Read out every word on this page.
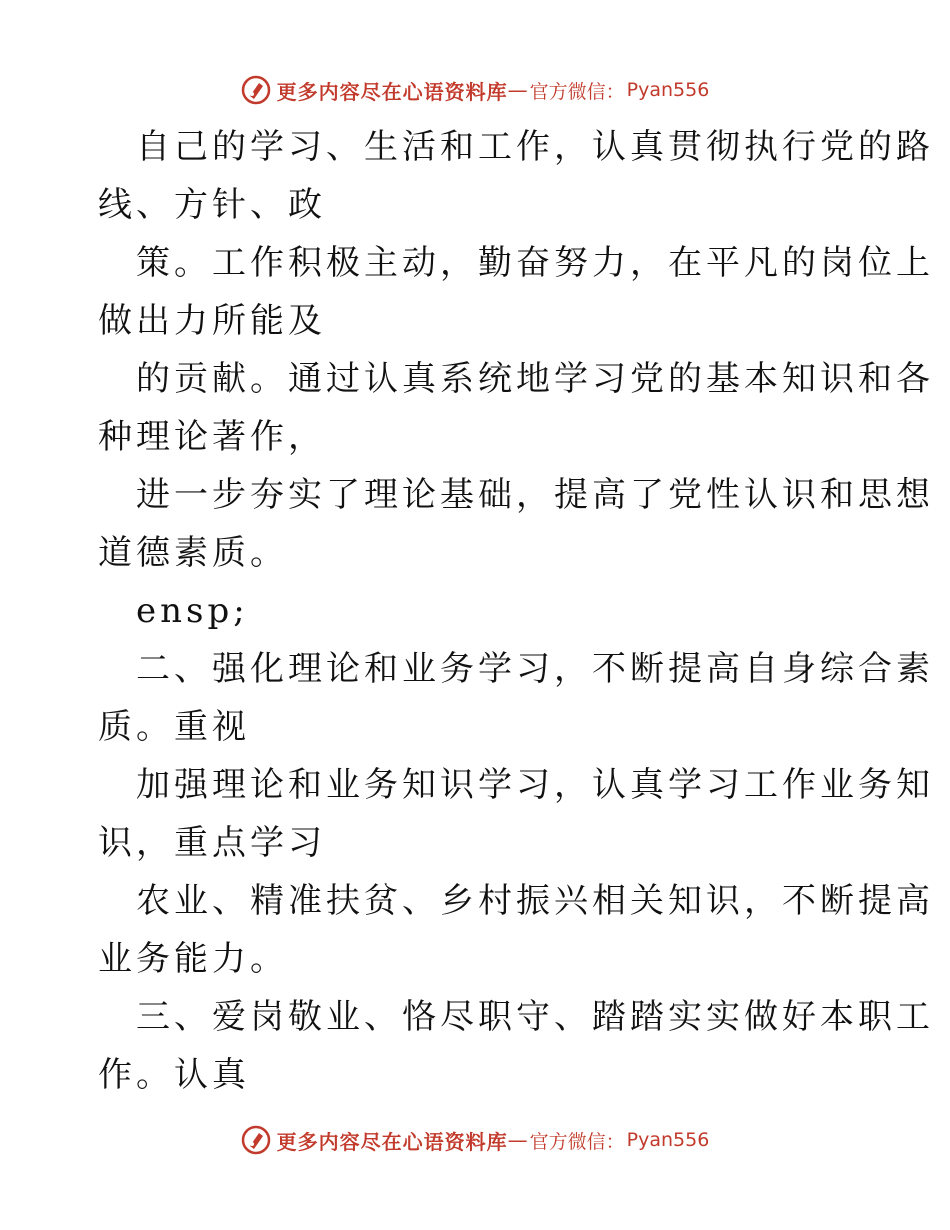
更多内容尽在心语资料库 — 官方微信： Pyan556
自己的学习、生活和工作，认真贯彻执行党的路
线、方针、政
策。工作积极主动，勤奋努力，在平凡的岗位上
做出力所能及
的贡献。通过认真系统地学习党的基本知识和各
种理论著作，
进一步夯实了理论基础，提高了党性认识和思想
道德素质。
ensp;
二、强化理论和业务学习，不断提高自身综合素
质。重视
加强理论和业务知识学习，认真学习工作业务知
识，重点学习
农业、精准扶贫、乡村振兴相关知识，不断提高
业务能力。
三、爱岗敬业、恪尽职守、踏踏实实做好本职工
作。认真
更多内容尽在心语资料库 — 官方微信： Pyan556
